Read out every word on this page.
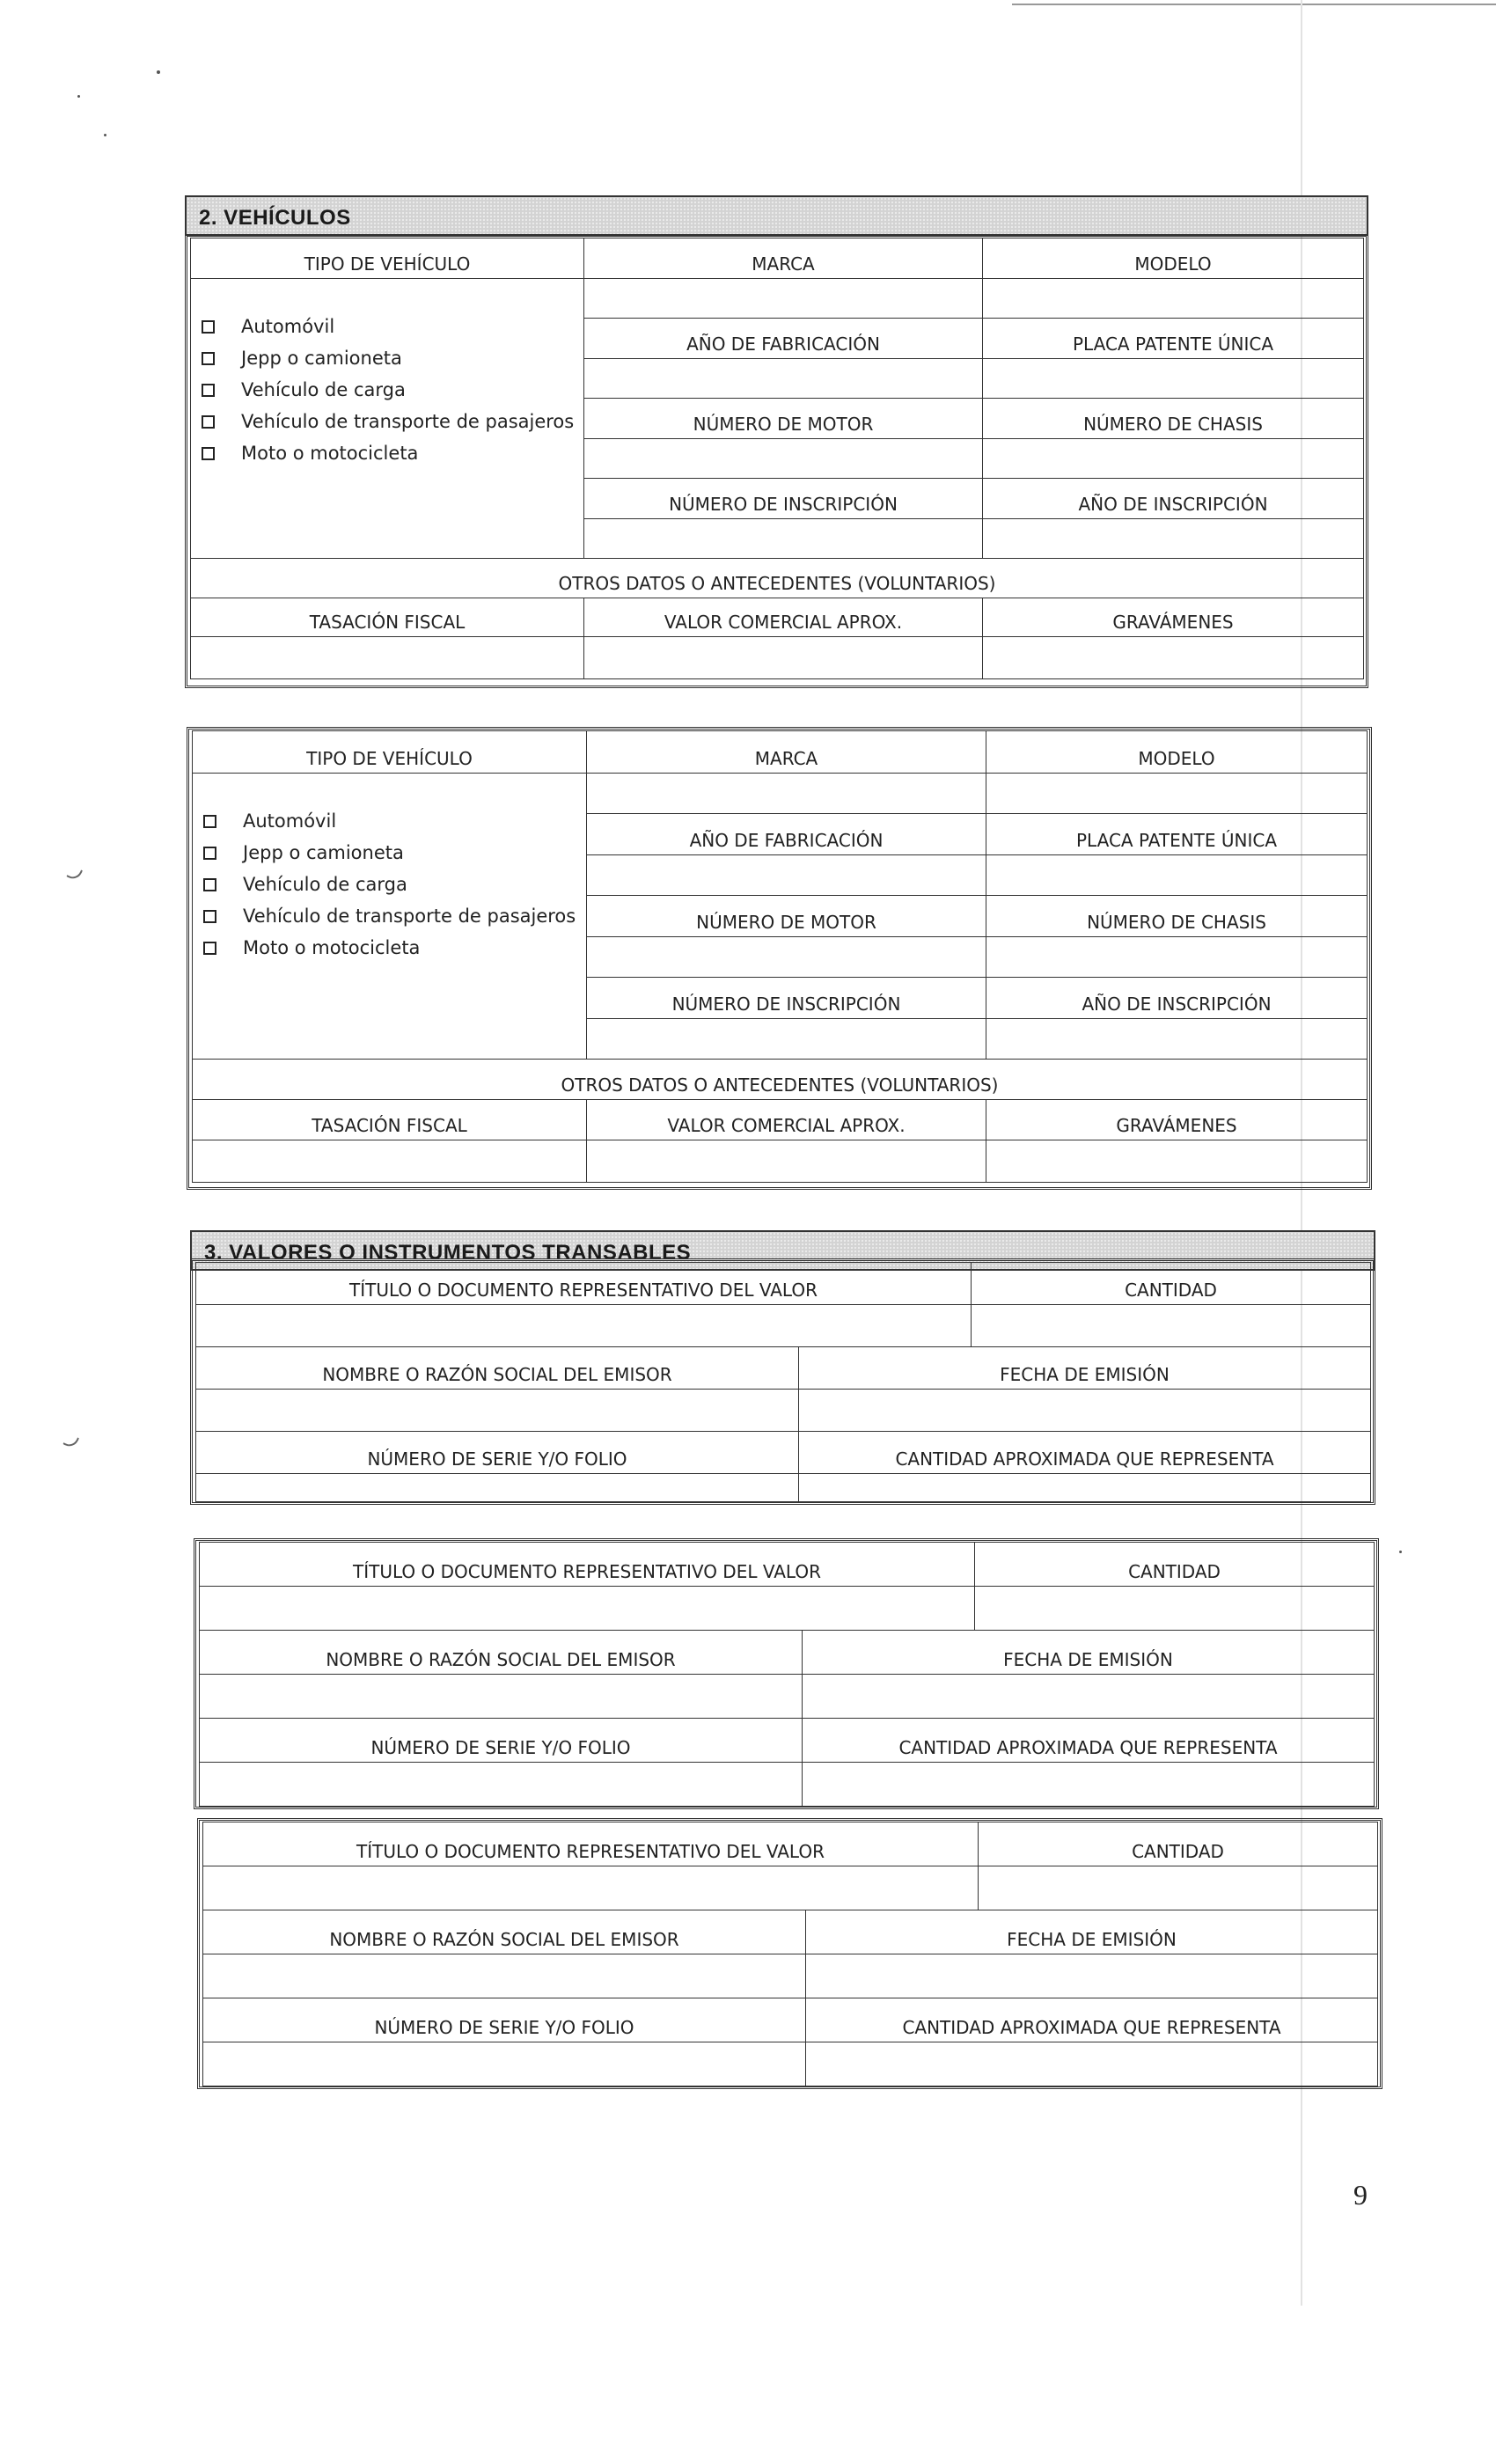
2. VEHÍCULOS
TIPO DE VEHÍCULO	MARCA	MODELO

Automóvil
Jepp o camioneta
Vehículo de carga
Vehículo de transporte de pasajeros
Moto o motocicleta		

	AÑO DE FABRICACIÓN	PLACA PATENTE ÚNICA

	NÚMERO DE MOTOR	NÚMERO DE CHASIS

	NÚMERO DE INSCRIPCIÓN	AÑO DE INSCRIPCIÓN

OTROS DATOS O ANTECEDENTES (VOLUNTARIOS)		
TASACIÓN FISCAL	VALOR COMERCIAL APROX.	GRAVÁMENES

TIPO DE VEHÍCULO	MARCA	MODELO

Automóvil
Jepp o camioneta
Vehículo de carga
Vehículo de transporte de pasajeros
Moto o motocicleta		

	AÑO DE FABRICACIÓN	PLACA PATENTE ÚNICA

	NÚMERO DE MOTOR	NÚMERO DE CHASIS

	NÚMERO DE INSCRIPCIÓN	AÑO DE INSCRIPCIÓN

OTROS DATOS O ANTECEDENTES (VOLUNTARIOS)		
TASACIÓN FISCAL	VALOR COMERCIAL APROX.	GRAVÁMENES

3. VALORES O INSTRUMENTOS TRANSABLES
TÍTULO O DOCUMENTO REPRESENTATIVO DEL VALOR		CANTIDAD

NOMBRE O RAZÓN SOCIAL DEL EMISOR	FECHA DE EMISIÓN	

NÚMERO DE SERIE Y/O FOLIO	CANTIDAD APROXIMADA QUE REPRESENTA	

TÍTULO O DOCUMENTO REPRESENTATIVO DEL VALOR		CANTIDAD

NOMBRE O RAZÓN SOCIAL DEL EMISOR	FECHA DE EMISIÓN	

NÚMERO DE SERIE Y/O FOLIO	CANTIDAD APROXIMADA QUE REPRESENTA	

TÍTULO O DOCUMENTO REPRESENTATIVO DEL VALOR		CANTIDAD

NOMBRE O RAZÓN SOCIAL DEL EMISOR	FECHA DE EMISIÓN	

NÚMERO DE SERIE Y/O FOLIO	CANTIDAD APROXIMADA QUE REPRESENTA	

9
